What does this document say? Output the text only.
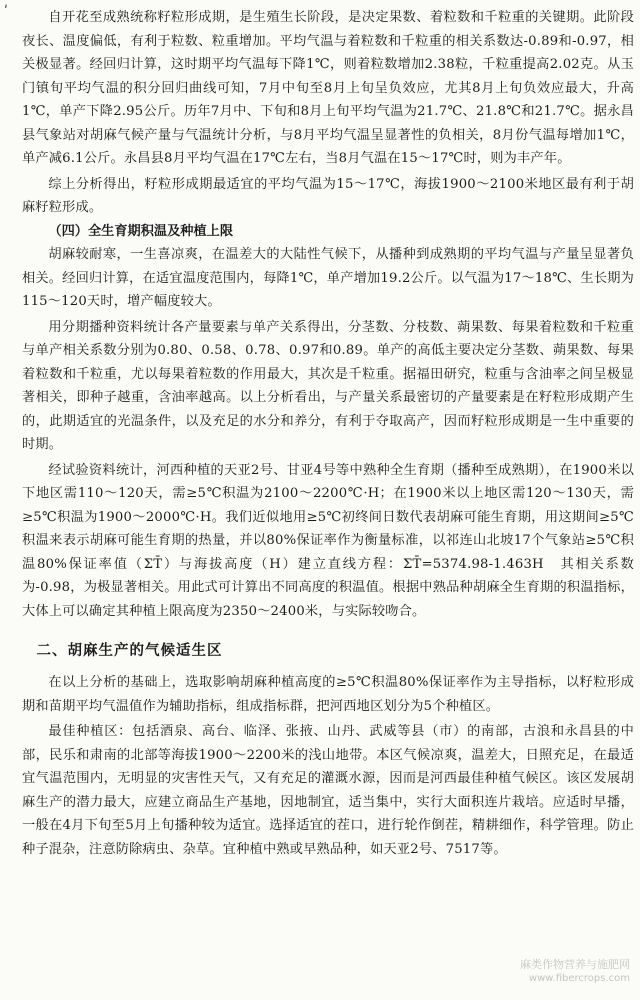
ʹ	自开花至成熟统称籽粒形成期，是生殖生长阶段，是决定果数、着粒数和千粒重的关键期。此阶段夜长、温度偏低，有利于粒数、粒重增加。平均气温与着粒数和千粒重的相关系数达-0.89和-0.97，相关极显著。经回归计算，这时期平均气温每下降1℃，则着粒数增加2.38粒，千粒重提高2.02克。从玉门镇旬平均气温的积分回归曲线可知，7月中旬至8月上旬呈负效应，尤其8月上旬负效应最大，升高1℃，单产下降2.95公斤。历年7月中、下旬和8月上旬平均气温为21.7℃、21.8℃和21.7℃。据永昌县气象站对胡麻气候产量与气温统计分析，与8月平均气温呈显著性的负相关，8月份气温每增加1℃，单产减6.1公斤。永昌县8月平均气温在17℃左右，当8月气温在15～17℃时，则为丰产年。

综上分析得出，籽粒形成期最适宜的平均气温为15～17℃，海拔1900～2100米地区最有利于胡麻籽粒形成。

（四）全生育期积温及种植上限

胡麻较耐寒，一生喜凉爽，在温差大的大陆性气候下，从播种到成熟期的平均气温与产量呈显著负相关。经回归计算，在适宜温度范围内，每降1℃，单产增加19.2公斤。以气温为17～18℃、生长期为115～120天时，增产幅度较大。

用分期播种资料统计各产量要素与单产关系得出，分茎数、分枝数、蒴果数、每果着粒数和千粒重与单产相关系数分别为0.80、0.58、0.78、0.97和0.89。单产的高低主要决定分茎数、蒴果数、每果着粒数和千粒重，尤以每果着粒数的作用最大，其次是千粒重。据福田研究，粒重与含油率之间呈极显著相关，即种子越重，含油率越高。以上分析看出，与产量关系最密切的产量要素是在籽粒形成期产生的，此期适宜的光温条件，以及充足的水分和养分，有利于夺取高产，因而籽粒形成期是一生中重要的时期。

经试验资料统计，河西种植的天亚2号、甘亚4号等中熟种全生育期（播种至成熟期），在1900米以下地区需110～120天，需≥5℃积温为2100～2200℃·H；在1900米以上地区需120～130天，需≥5℃积温为1900～2000℃·H。我们近似地用≥5℃初终间日数代表胡麻可能生育期，用这期间≥5℃积温来表示胡麻可能生育期的热量，并以80%保证率作为衡量标准，以祁连山北坡17个气象站≥5℃积温80%保证率值（ΣT̄）与海拔高度（H）建立直线方程：ΣT̄=5374.98-1.463H　其相关系数为-0.98，为极显著相关。用此式可计算出不同高度的积温值。根据中熟品种胡麻全生育期的积温指标，大体上可以确定其种植上限高度为2350～2400米，与实际较吻合。

二、胡麻生产的气候适生区

在以上分析的基础上，选取影响胡麻种植高度的≥5℃积温80%保证率作为主导指标，以籽粒形成期和苗期平均气温值作为辅助指标，组成指标群，把河西地区划分为5个种植区。

最佳种植区：包括酒泉、高台、临泽、张掖、山丹、武威等县（市）的南部，古浪和永昌县的中部，民乐和肃南的北部等海拔1900～2200米的浅山地带。本区气候凉爽，温差大，日照充足，在最适宜气温范围内，无明显的灾害性天气，又有充足的灌溉水源，因而是河西最佳种植气候区。该区发展胡麻生产的潜力最大，应建立商品生产基地，因地制宜，适当集中，实行大面积连片栽培。应适时早播，一般在4月下旬至5月上旬播种较为适宜。选择适宜的茬口，进行轮作倒茬，精耕细作，科学管理。防止种子混杂，注意防除病虫、杂草。宜种植中熟或早熟品种，如天亚2号、7517等。

麻类作物营养与施肥网
www.fibercrops.com
